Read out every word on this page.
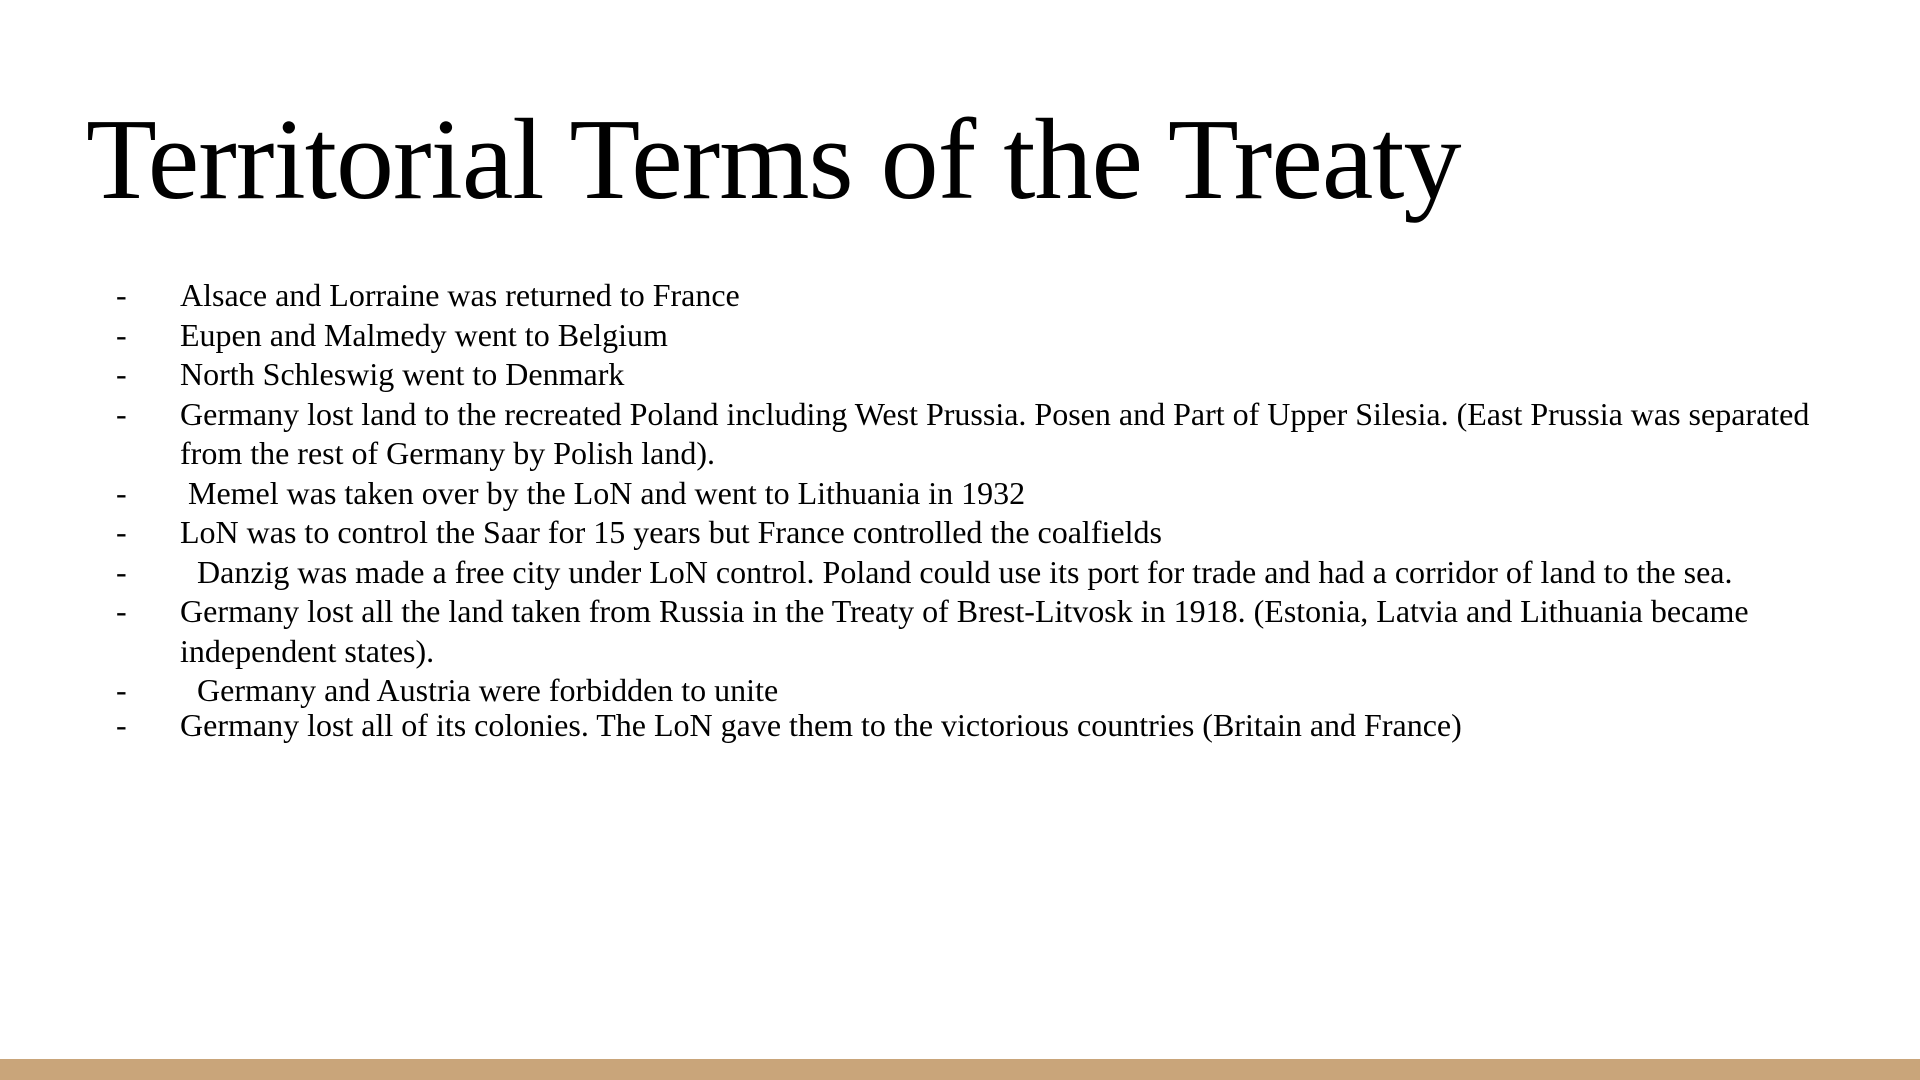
Territorial Terms of the Treaty
- Alsace and Lorraine was returned to France
- Eupen and Malmedy went to Belgium
- North Schleswig went to Denmark
- Germany lost land to the recreated Poland including West Prussia. Posen and Part of Upper Silesia. (East Prussia was separated from the rest of Germany by Polish land).
- Memel was taken over by the LoN and went to Lithuania in 1932
- LoN was to control the Saar for 15 years but France controlled the coalfields
-	Danzig was made a free city under LoN control. Poland could use its port for trade and had a corridor of land to the sea.
- Germany lost all the land taken from Russia in the Treaty of Brest-Litvosk in 1918. (Estonia, Latvia and Lithuania became independent states).
-	Germany and Austria were forbidden to unite
- Germany lost all of its colonies. The LoN gave them to the victorious countries (Britain and France)
